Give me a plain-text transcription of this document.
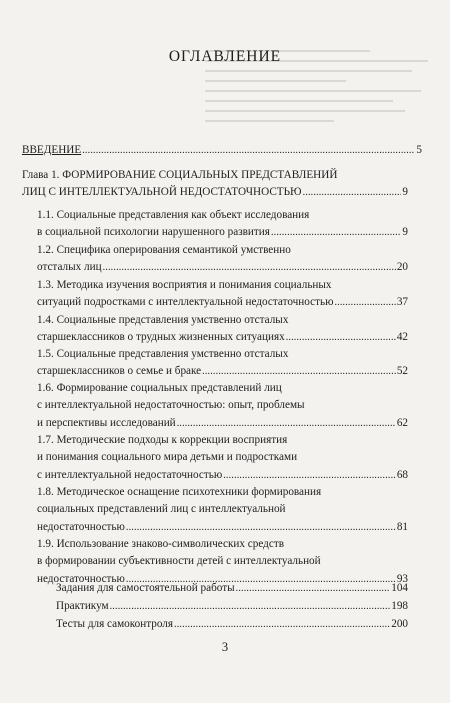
ОГЛАВЛЕНИЕ
ВВЕДЕНИЕ .....	5
Глава 1. ФОРМИРОВАНИЕ СОЦИАЛЬНЫХ ПРЕДСТАВЛЕНИЙ
ЛИЦ С ИНТЕЛЛЕКТУАЛЬНОЙ НЕДОСТАТОЧНОСТЬЮ .....	9
1.1. Социальные представления как объект исследования
в социальной психологии нарушенного развития .....	9
1.2. Специфика оперирования семантикой умственно
отсталых лиц .....	20
1.3. Методика изучения восприятия и понимания социальных
ситуаций подростками с интеллектуальной недостаточностью .....	37
1.4. Социальные представления умственно отсталых
старшеклассников о трудных жизненных ситуациях .....	42
1.5. Социальные представления умственно отсталых
старшеклассников о семье и браке .....	52
1.6. Формирование социальных представлений лиц
с интеллектуальной недостаточностью: опыт, проблемы
и перспективы исследований .....	62
1.7. Методические подходы к коррекции восприятия
и понимания социального мира детьми и подростками
с интеллектуальной недостаточностью .....	68
1.8. Методическое оснащение психотехники формирования
социальных представлений лиц с интеллектуальной
недостаточностью .....	81
1.9. Использование знаково-символических средств
в формировании субъективности детей с интеллектуальной
недостаточностью .....	93
Задания для самостоятельной работы .....	104
Практикум .....	198
Тесты для самоконтроля .....	200
3
